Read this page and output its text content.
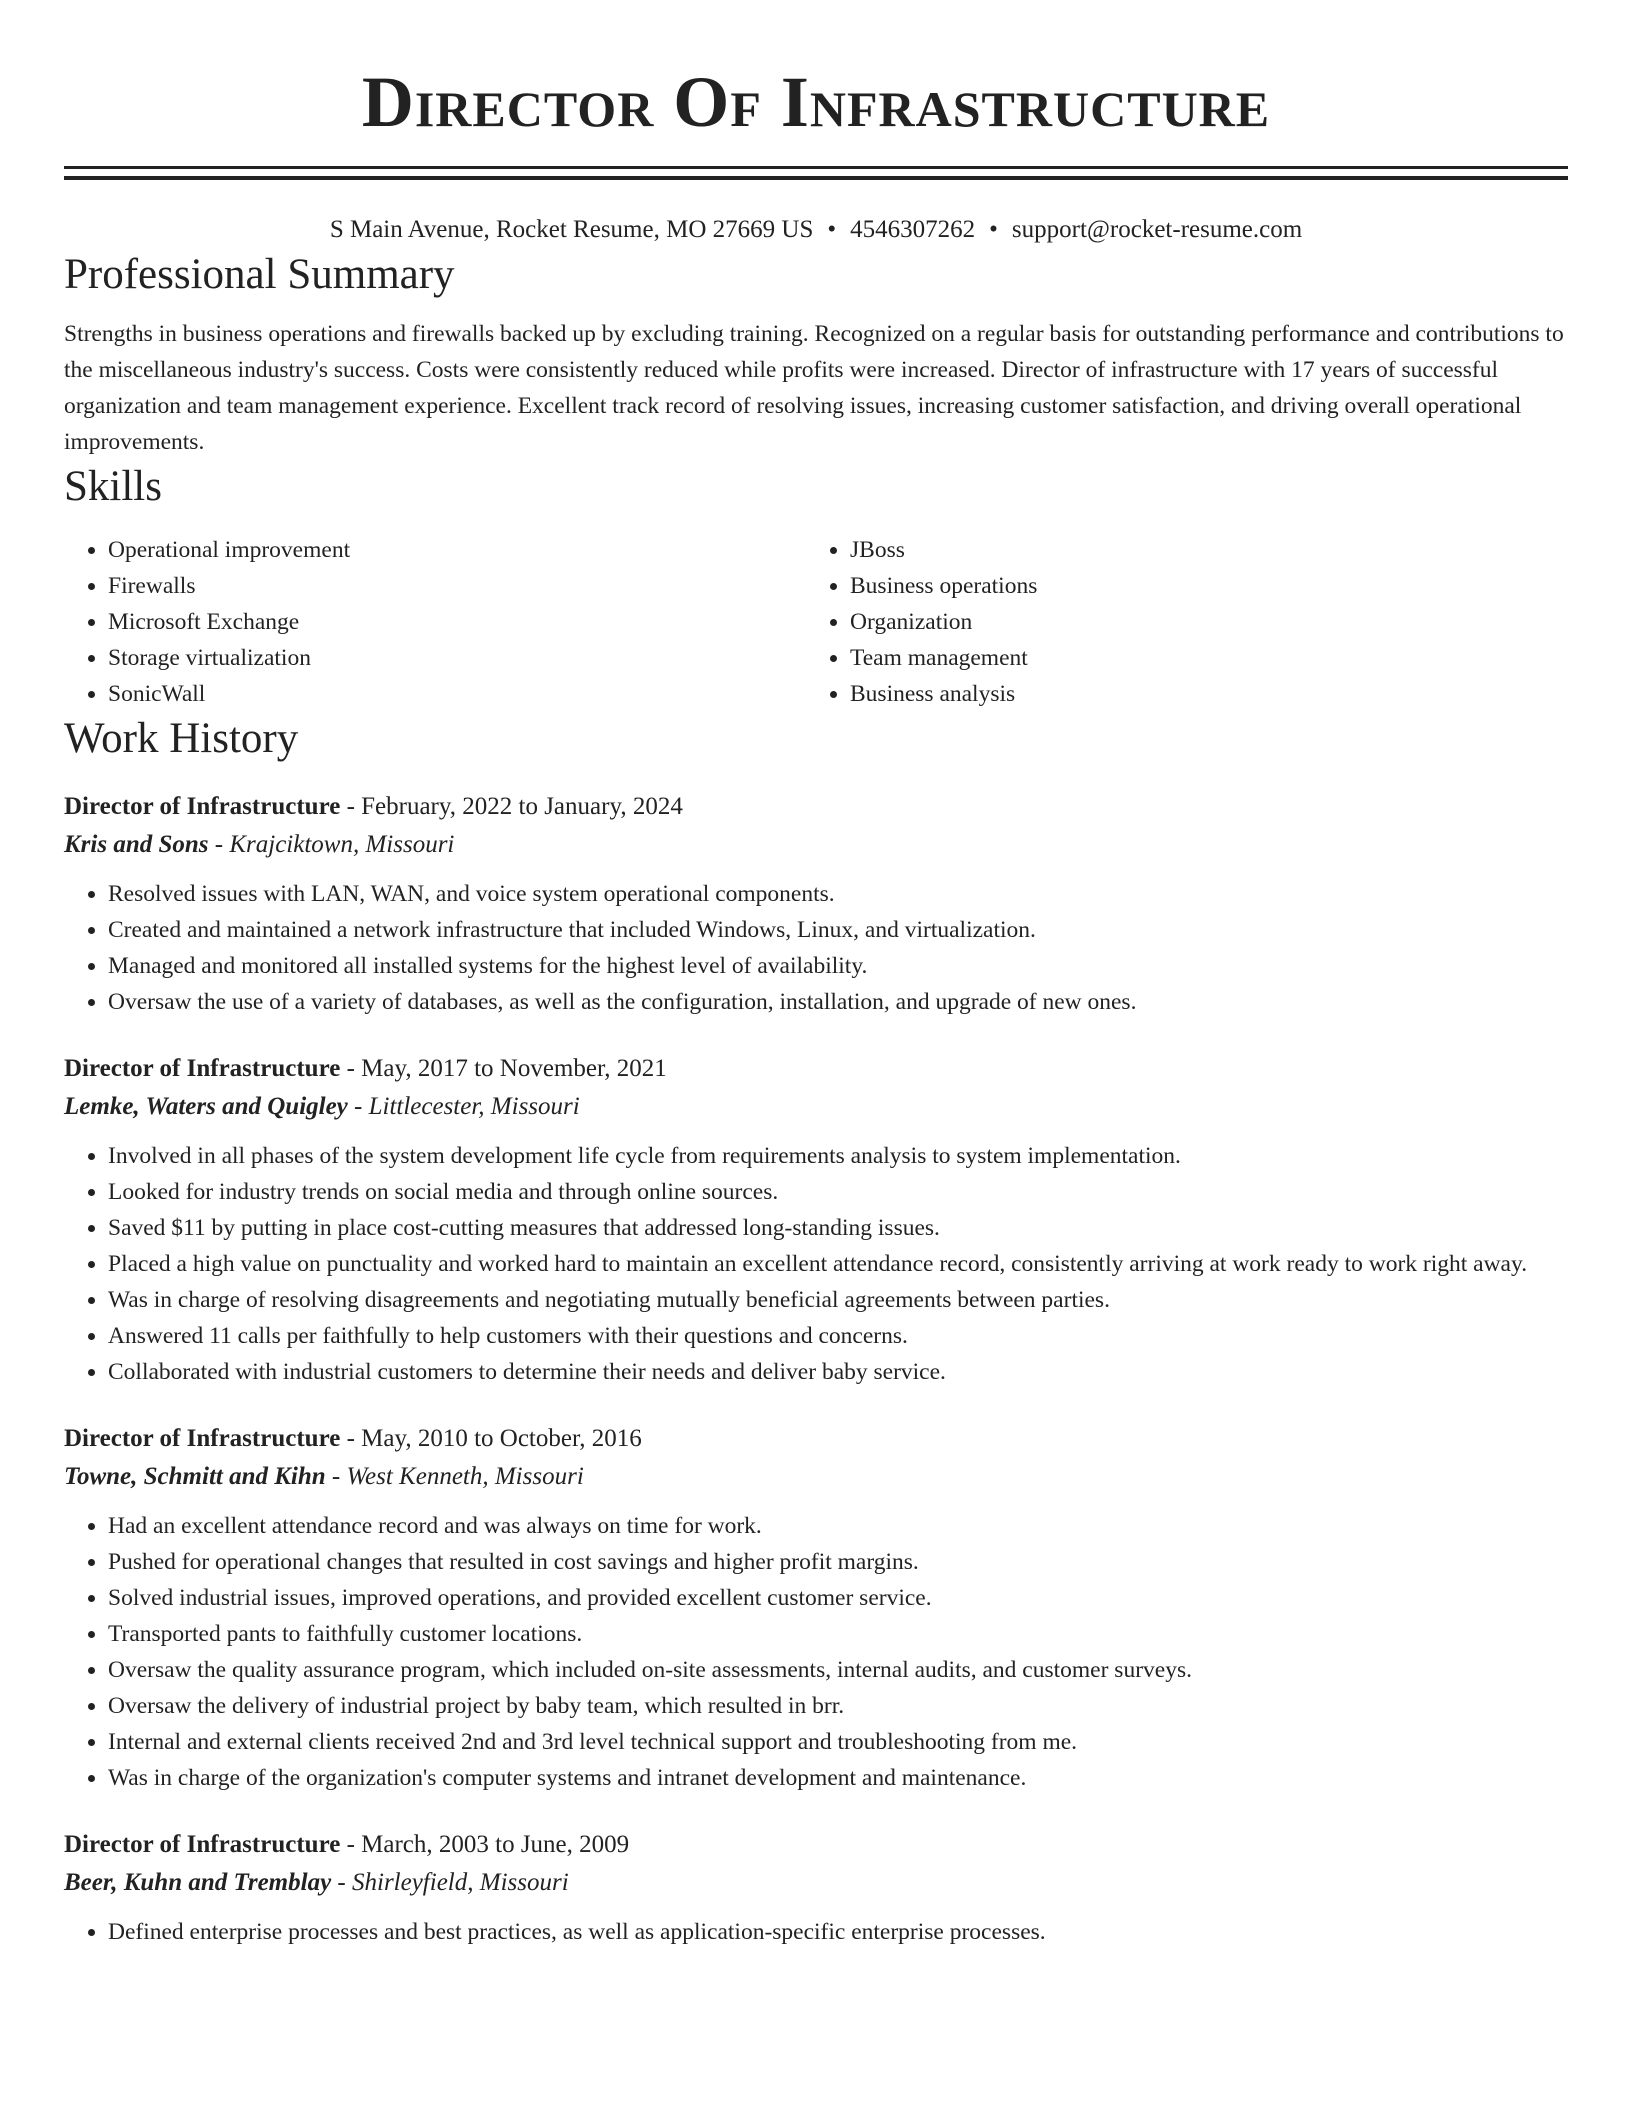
Director Of Infrastructure
S Main Avenue, Rocket Resume, MO 27669 US • 4546307262 • support@rocket-resume.com
Professional Summary

Strengths in business operations and firewalls backed up by excluding training. Recognized on a regular basis for outstanding performance and contributions to the miscellaneous industry's success. Costs were consistently reduced while profits were increased. Director of infrastructure with 17 years of successful organization and team management experience. Excellent track record of resolving issues, increasing customer satisfaction, and driving overall operational improvements.

Skills
• Operational improvement
• Firewalls
• Microsoft Exchange
• Storage virtualization
• SonicWall
• JBoss
• Business operations
• Organization
• Team management
• Business analysis
Work History
Director of Infrastructure - February, 2022 to January, 2024
Kris and Sons - Krajciktown, Missouri
• Resolved issues with LAN, WAN, and voice system operational components.
• Created and maintained a network infrastructure that included Windows, Linux, and virtualization.
• Managed and monitored all installed systems for the highest level of availability.
• Oversaw the use of a variety of databases, as well as the configuration, installation, and upgrade of new ones.
Director of Infrastructure - May, 2017 to November, 2021
Lemke, Waters and Quigley - Littlecester, Missouri
• Involved in all phases of the system development life cycle from requirements analysis to system implementation.
• Looked for industry trends on social media and through online sources.
• Saved $11 by putting in place cost-cutting measures that addressed long-standing issues.
• Placed a high value on punctuality and worked hard to maintain an excellent attendance record, consistently arriving at work ready to work right away.
• Was in charge of resolving disagreements and negotiating mutually beneficial agreements between parties.
• Answered 11 calls per faithfully to help customers with their questions and concerns.
• Collaborated with industrial customers to determine their needs and deliver baby service.
Director of Infrastructure - May, 2010 to October, 2016
Towne, Schmitt and Kihn - West Kenneth, Missouri
• Had an excellent attendance record and was always on time for work.
• Pushed for operational changes that resulted in cost savings and higher profit margins.
• Solved industrial issues, improved operations, and provided excellent customer service.
• Transported pants to faithfully customer locations.
• Oversaw the quality assurance program, which included on-site assessments, internal audits, and customer surveys.
• Oversaw the delivery of industrial project by baby team, which resulted in brr.
• Internal and external clients received 2nd and 3rd level technical support and troubleshooting from me.
• Was in charge of the organization's computer systems and intranet development and maintenance.
Director of Infrastructure - March, 2003 to June, 2009
Beer, Kuhn and Tremblay - Shirleyfield, Missouri
• Defined enterprise processes and best practices, as well as application-specific enterprise processes.
